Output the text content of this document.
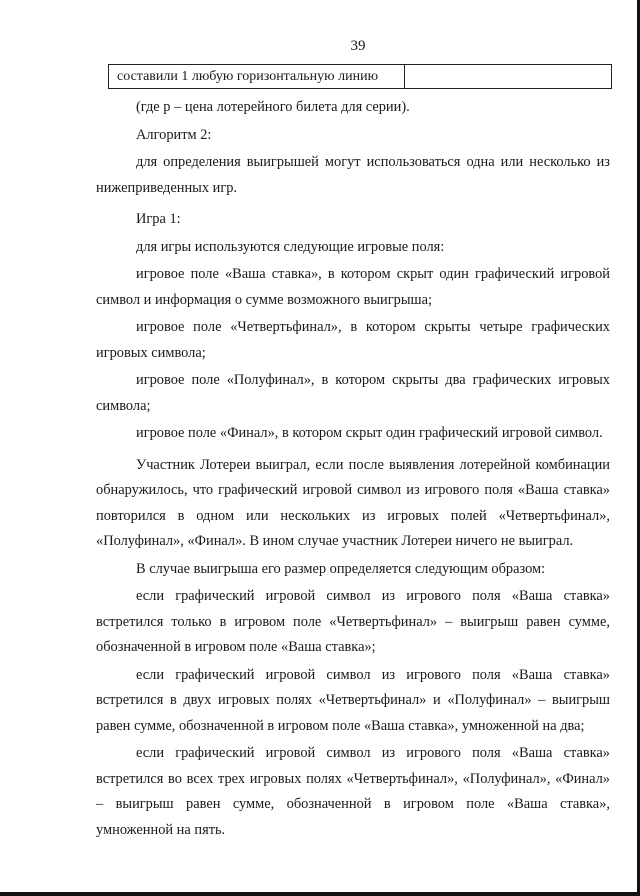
39
составили 1 любую горизонтальную линию

(где р – цена лотерейного билета для серии).

Алгоритм 2:

для определения выигрышей могут использоваться одна или несколько из нижеприведенных игр.

Игра 1:

для игры используются следующие игровые поля:

игровое поле «Ваша ставка», в котором скрыт один графический игровой символ и информация о сумме возможного выигрыша;

игровое поле «Четвертьфинал», в котором скрыты четыре графических игровых символа;

игровое поле «Полуфинал», в котором скрыты два графических игровых символа;

игровое поле «Финал», в котором скрыт один графический игровой символ.

Участник Лотереи выиграл, если после выявления лотерейной комбинации обнаружилось, что графический игровой символ из игрового поля «Ваша ставка» повторился в одном или нескольких из игровых полей «Четвертьфинал», «Полуфинал», «Финал». В ином случае участник Лотереи ничего не выиграл.

В случае выигрыша его размер определяется следующим образом:

если графический игровой символ из игрового поля «Ваша ставка» встретился только в игровом поле «Четвертьфинал» – выигрыш равен сумме, обозначенной в игровом поле «Ваша ставка»;

если графический игровой символ из игрового поля «Ваша ставка» встретился в двух игровых полях «Четвертьфинал» и «Полуфинал» – выигрыш равен сумме, обозначенной в игровом поле «Ваша ставка», умноженной на два;

если графический игровой символ из игрового поля «Ваша ставка» встретился во всех трех игровых полях «Четвертьфинал», «Полуфинал», «Финал» – выигрыш равен сумме, обозначенной в игровом поле «Ваша ставка», умноженной на пять.
